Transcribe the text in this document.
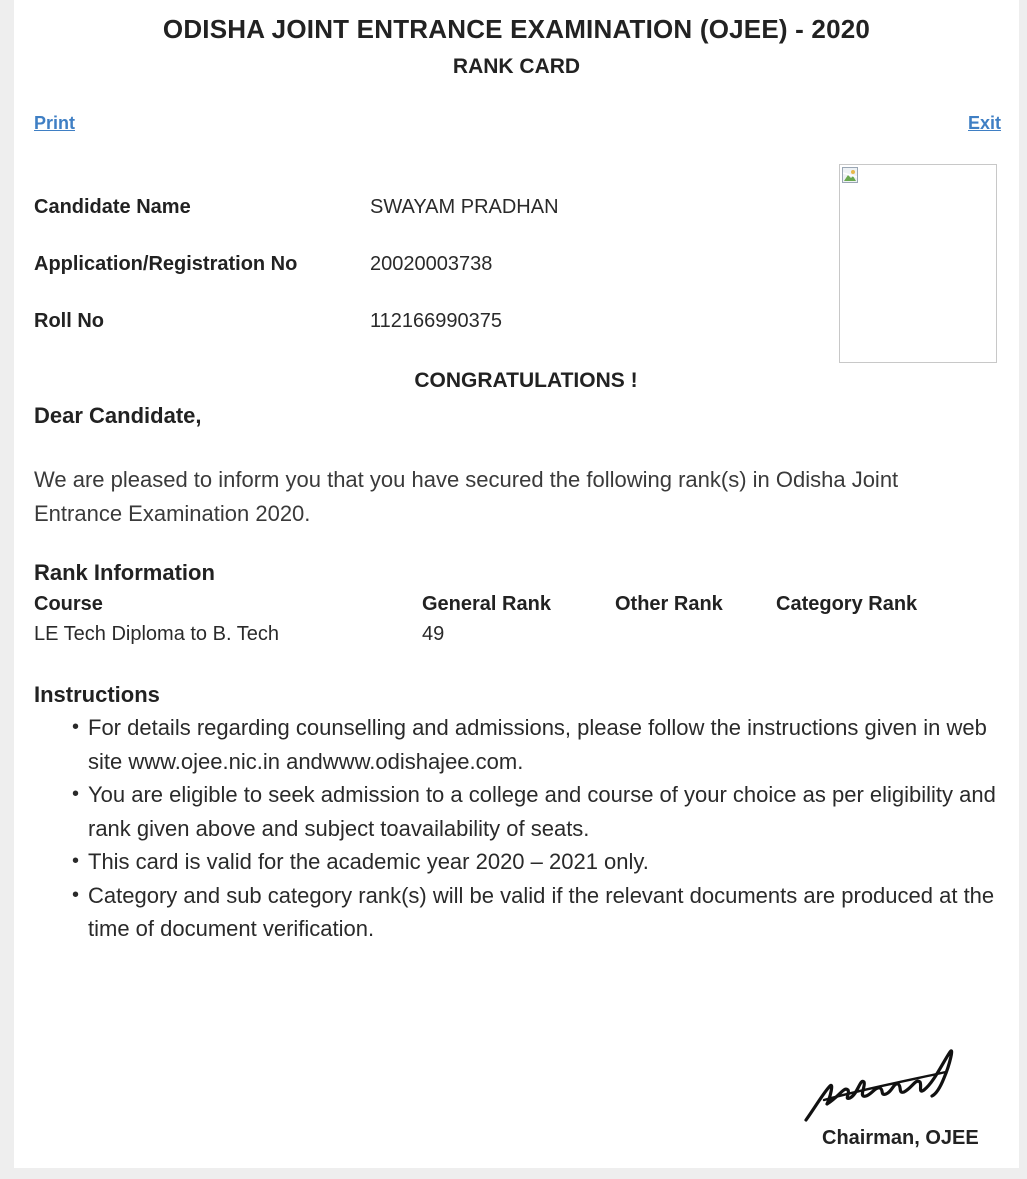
ODISHA JOINT ENTRANCE EXAMINATION (OJEE) - 2020
RANK CARD
Print	Exit
Candidate Name	SWAYAM PRADHAN
Application/Registration No	20020003738
Roll No	112166990375
CONGRATULATIONS !
Dear Candidate,
We are pleased to inform you that you have secured the following rank(s) in Odisha Joint Entrance Examination 2020.
Rank Information
Course	General Rank	Other Rank	Category Rank
LE Tech Diploma to B. Tech	49
Instructions
• For details regarding counselling and admissions, please follow the instructions given in web site www.ojee.nic.in andwww.odishajee.com.
• You are eligible to seek admission to a college and course of your choice as per eligibility and rank given above and subject toavailability of seats.
• This card is valid for the academic year 2020 – 2021 only.
• Category and sub category rank(s) will be valid if the relevant documents are produced at the time of document verification.
Chairman, OJEE
